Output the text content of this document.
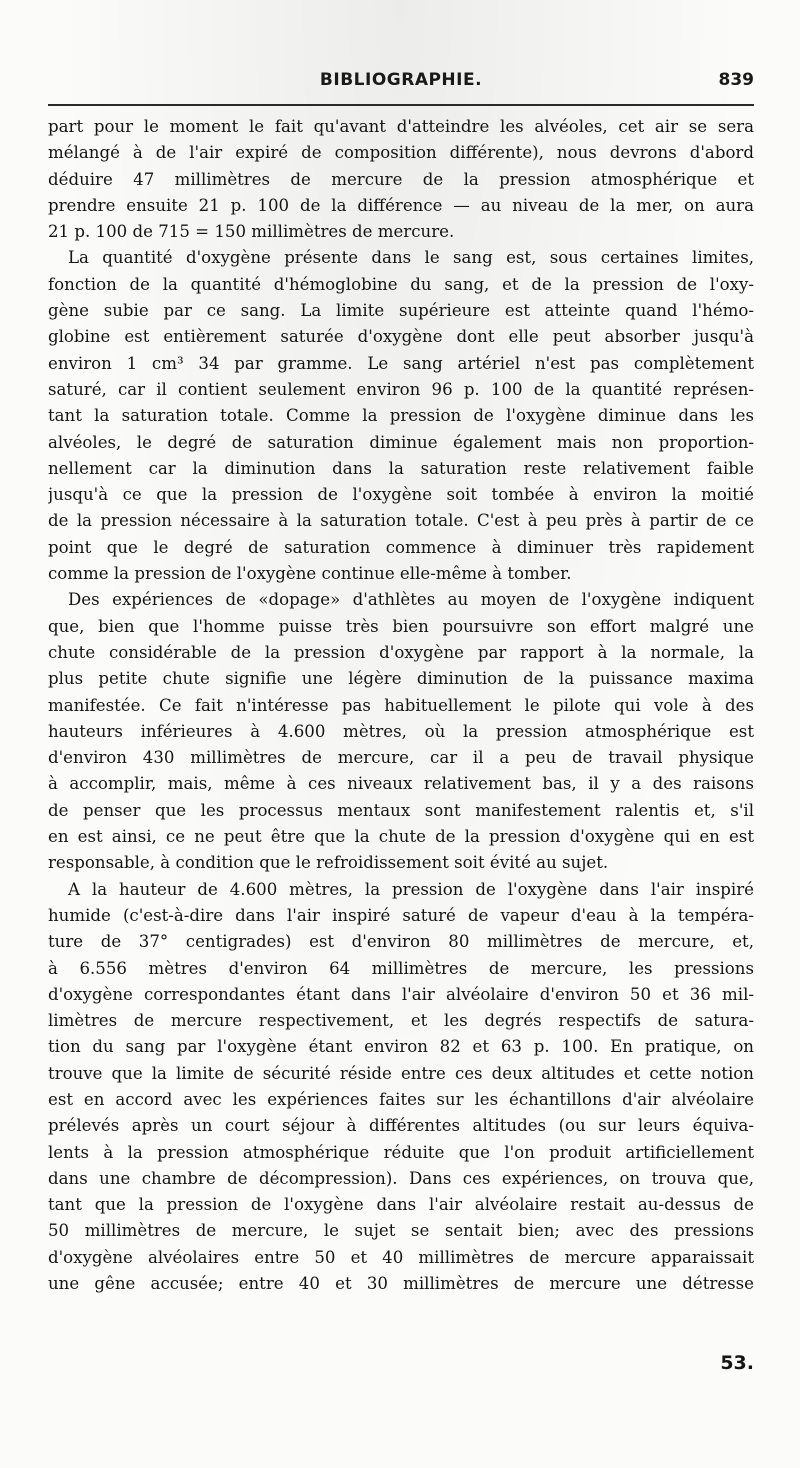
BIBLIOGRAPHIE.	839
part pour le moment le fait qu'avant d'atteindre les alvéoles, cet air se sera
mélangé à de l'air expiré de composition différente), nous devrons d'abord
déduire 47 millimètres de mercure de la pression atmosphérique et
prendre ensuite 21 p. 100 de la différence — au niveau de la mer, on aura
21 p. 100 de 715 = 150 millimètres de mercure.
La quantité d'oxygène présente dans le sang est, sous certaines limites,
fonction de la quantité d'hémoglobine du sang, et de la pression de l'oxy-
gène subie par ce sang. La limite supérieure est atteinte quand l'hémo-
globine est entièrement saturée d'oxygène dont elle peut absorber jusqu'à
environ 1 cm³ 34 par gramme. Le sang artériel n'est pas complètement
saturé, car il contient seulement environ 96 p. 100 de la quantité représen-
tant la saturation totale. Comme la pression de l'oxygène diminue dans les
alvéoles, le degré de saturation diminue également mais non proportion-
nellement car la diminution dans la saturation reste relativement faible
jusqu'à ce que la pression de l'oxygène soit tombée à environ la moitié
de la pression nécessaire à la saturation totale. C'est à peu près à partir de ce
point que le degré de saturation commence à diminuer très rapidement
comme la pression de l'oxygène continue elle-même à tomber.
Des expériences de «dopage» d'athlètes au moyen de l'oxygène indiquent
que, bien que l'homme puisse très bien poursuivre son effort malgré une
chute considérable de la pression d'oxygène par rapport à la normale, la
plus petite chute signifie une légère diminution de la puissance maxima
manifestée. Ce fait n'intéresse pas habituellement le pilote qui vole à des
hauteurs inférieures à 4.600 mètres, où la pression atmosphérique est
d'environ 430 millimètres de mercure, car il a peu de travail physique
à accomplir, mais, même à ces niveaux relativement bas, il y a des raisons
de penser que les processus mentaux sont manifestement ralentis et, s'il
en est ainsi, ce ne peut être que la chute de la pression d'oxygène qui en est
responsable, à condition que le refroidissement soit évité au sujet.
A la hauteur de 4.600 mètres, la pression de l'oxygène dans l'air inspiré
humide (c'est-à-dire dans l'air inspiré saturé de vapeur d'eau à la tempéra-
ture de 37° centigrades) est d'environ 80 millimètres de mercure, et,
à 6.556 mètres d'environ 64 millimètres de mercure, les pressions
d'oxygène correspondantes étant dans l'air alvéolaire d'environ 50 et 36 mil-
limètres de mercure respectivement, et les degrés respectifs de satura-
tion du sang par l'oxygène étant environ 82 et 63 p. 100. En pratique, on
trouve que la limite de sécurité réside entre ces deux altitudes et cette notion
est en accord avec les expériences faites sur les échantillons d'air alvéolaire
prélevés après un court séjour à différentes altitudes (ou sur leurs équiva-
lents à la pression atmosphérique réduite que l'on produit artificiellement
dans une chambre de décompression). Dans ces expériences, on trouva que,
tant que la pression de l'oxygène dans l'air alvéolaire restait au-dessus de
50 millimètres de mercure, le sujet se sentait bien; avec des pressions
d'oxygène alvéolaires entre 50 et 40 millimètres de mercure apparaissait
une gêne accusée; entre 40 et 30 millimètres de mercure une détresse
53.
